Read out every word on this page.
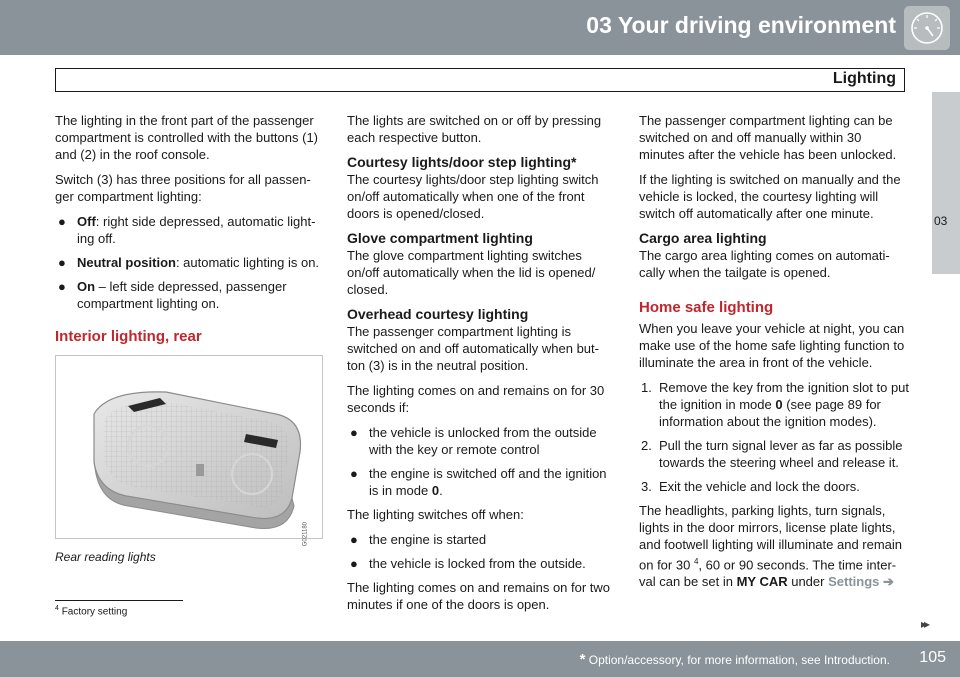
03 Your driving environment
Lighting
03

The lighting in the front part of the passenger compartment is controlled with the buttons (1) and (2) in the roof console.

Switch (3) has three positions for all passen-ger compartment lighting:

● Off: right side depressed, automatic light-ing off.
● Neutral position: automatic lighting is on.
● On – left side depressed, passenger compartment lighting on.
Interior lighting, rear
G021180
Rear reading lights

The lights are switched on or off by pressing each respective button.

Courtesy lights/door step lighting*

The courtesy lights/door step lighting switch on/off automatically when one of the front doors is opened/closed.

Glove compartment lighting

The glove compartment lighting switches on/off automatically when the lid is opened/ closed.

Overhead courtesy lighting

The passenger compartment lighting is switched on and off automatically when but-ton (3) is in the neutral position.

The lighting comes on and remains on for 30 seconds if:

● the vehicle is unlocked from the outside with the key or remote control
● the engine is switched off and the ignition is in mode 0.

The lighting switches off when:

● the engine is started
● the vehicle is locked from the outside.

The lighting comes on and remains on for two minutes if one of the doors is open.

The passenger compartment lighting can be switched on and off manually within 30 minutes after the vehicle has been unlocked.

If the lighting is switched on manually and the vehicle is locked, the courtesy lighting will switch off automatically after one minute.

Cargo area lighting

The cargo area lighting comes on automati-cally when the tailgate is opened.

Home safe lighting

When you leave your vehicle at night, you can make use of the home safe lighting function to illuminate the area in front of the vehicle.

1. Remove the key from the ignition slot to put the ignition in mode 0 (see page 89 for information about the ignition modes).
2. Pull the turn signal lever as far as possible towards the steering wheel and release it.
3. Exit the vehicle and lock the doors.

The headlights, parking lights, turn signals, lights in the door mirrors, license plate lights, and footwell lighting will illuminate and remain on for 30 $^4$, 60 or 90 seconds. The time inter-val can be set in MY CAR under Settings ➔

$^4$ Factory setting
▸▸
* Option/accessory, for more information, see Introduction. 105
